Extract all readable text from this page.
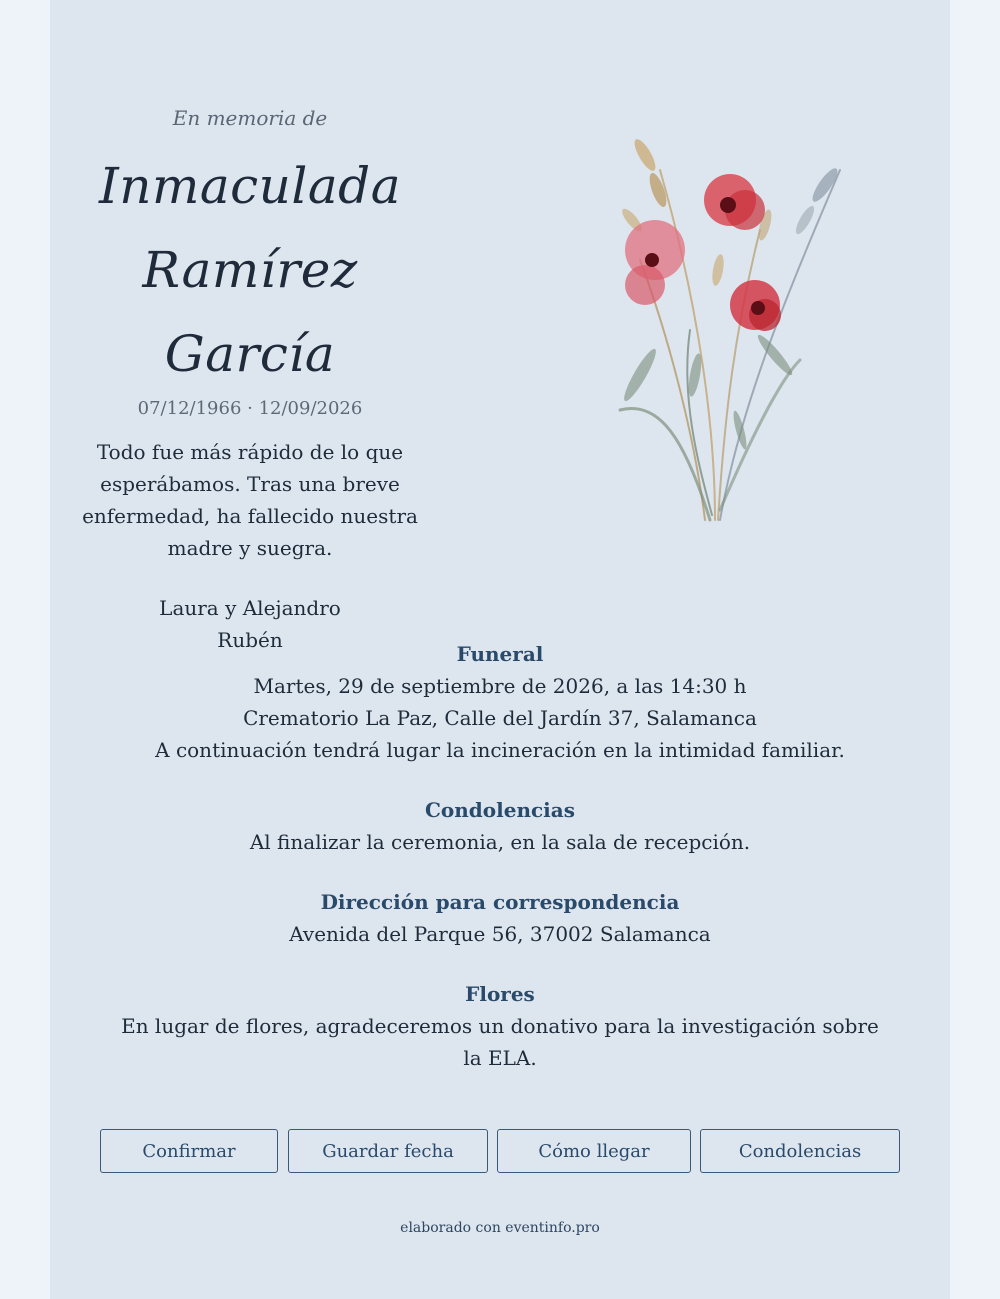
En memoria de

Inmaculada

Ramírez García

07/12/1966 · 12/09/2026

Todo fue más rápido de lo que esperábamos. Tras una breve enfermedad, ha fallecido nuestra madre y suegra.

Laura y Alejandro
Rubén
Funeral

Martes, 29 de septiembre de 2026, a las 14:30 h

Crematorio La Paz, Calle del Jardín 37, Salamanca

A continuación tendrá lugar la incineración en la intimidad familiar.

Condolencias

Al finalizar la ceremonia, en la sala de recepción.

Dirección para correspondencia

Avenida del Parque 56, 37002 Salamanca

Flores

En lugar de flores, agradeceremos un donativo para la investigación sobre la ELA.

Confirmar	Guardar fecha	Cómo llegar	Condolencias
elaborado con eventinfo.pro
